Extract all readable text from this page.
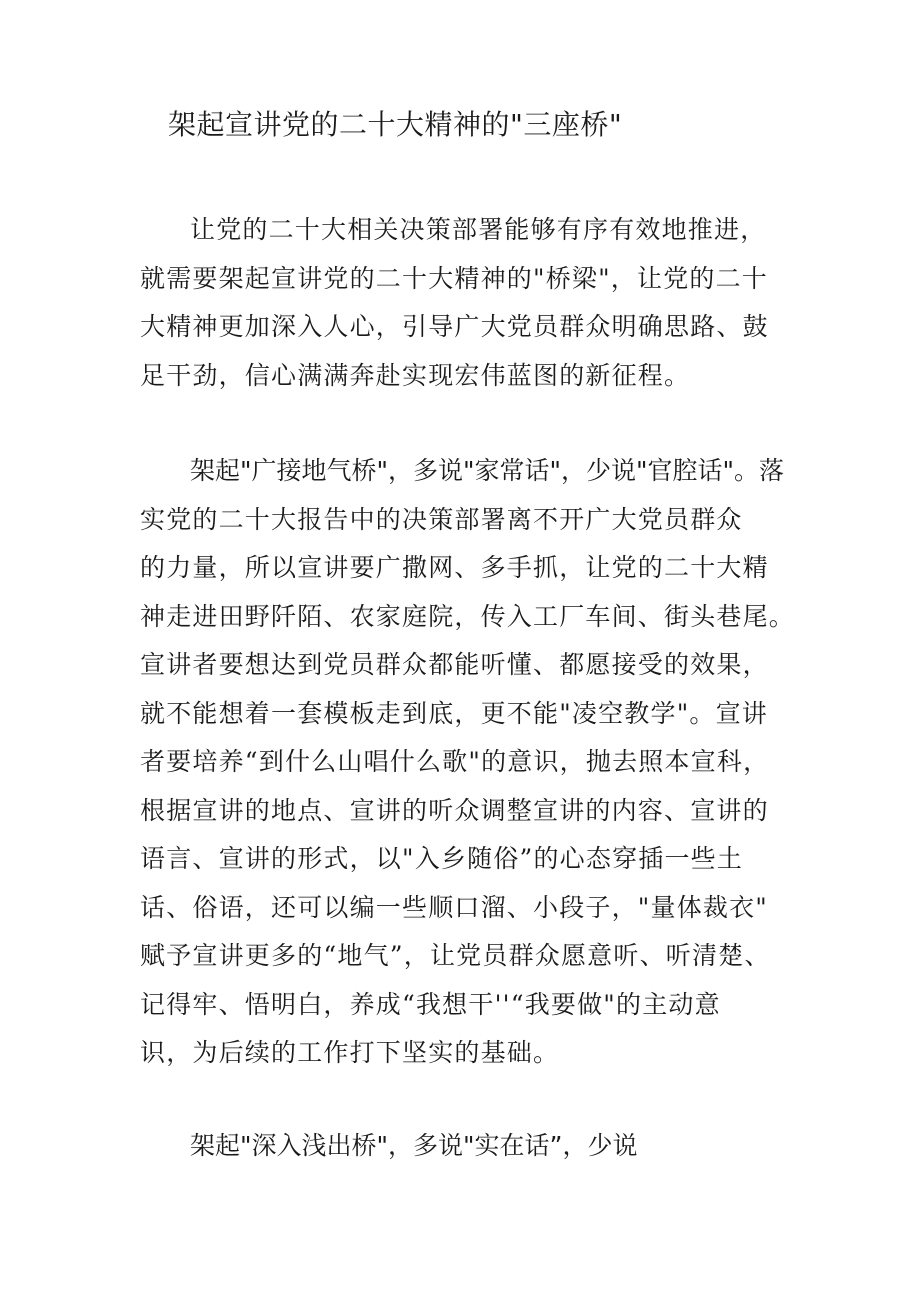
架起宣讲党的二十大精神的"三座桥"
让党的二十大相关决策部署能够有序有效地推进，
就需要架起宣讲党的二十大精神的"桥梁"，让党的二十
大精神更加深入人心，引导广大党员群众明确思路、鼓
足干劲，信心满满奔赴实现宏伟蓝图的新征程。
架起"广接地气桥"，多说"家常话"，少说"官腔话"。落
实党的二十大报告中的决策部署离不开广大党员群众
的力量，所以宣讲要广撒网、多手抓，让党的二十大精
神走进田野阡陌、农家庭院，传入工厂车间、街头巷尾。
宣讲者要想达到党员群众都能听懂、都愿接受的效果，
就不能想着一套模板走到底，更不能"凌空教学"。宣讲
者要培养“到什么山唱什么歌"的意识，抛去照本宣科，
根据宣讲的地点、宣讲的听众调整宣讲的内容、宣讲的
语言、宣讲的形式，以"入乡随俗”的心态穿插一些土
话、俗语，还可以编一些顺口溜、小段子，"量体裁衣"
赋予宣讲更多的“地气”，让党员群众愿意听、听清楚、
记得牢、悟明白，养成“我想干''“我要做"的主动意
识，为后续的工作打下坚实的基础。
架起"深入浅出桥"，多说"实在话”，少说
